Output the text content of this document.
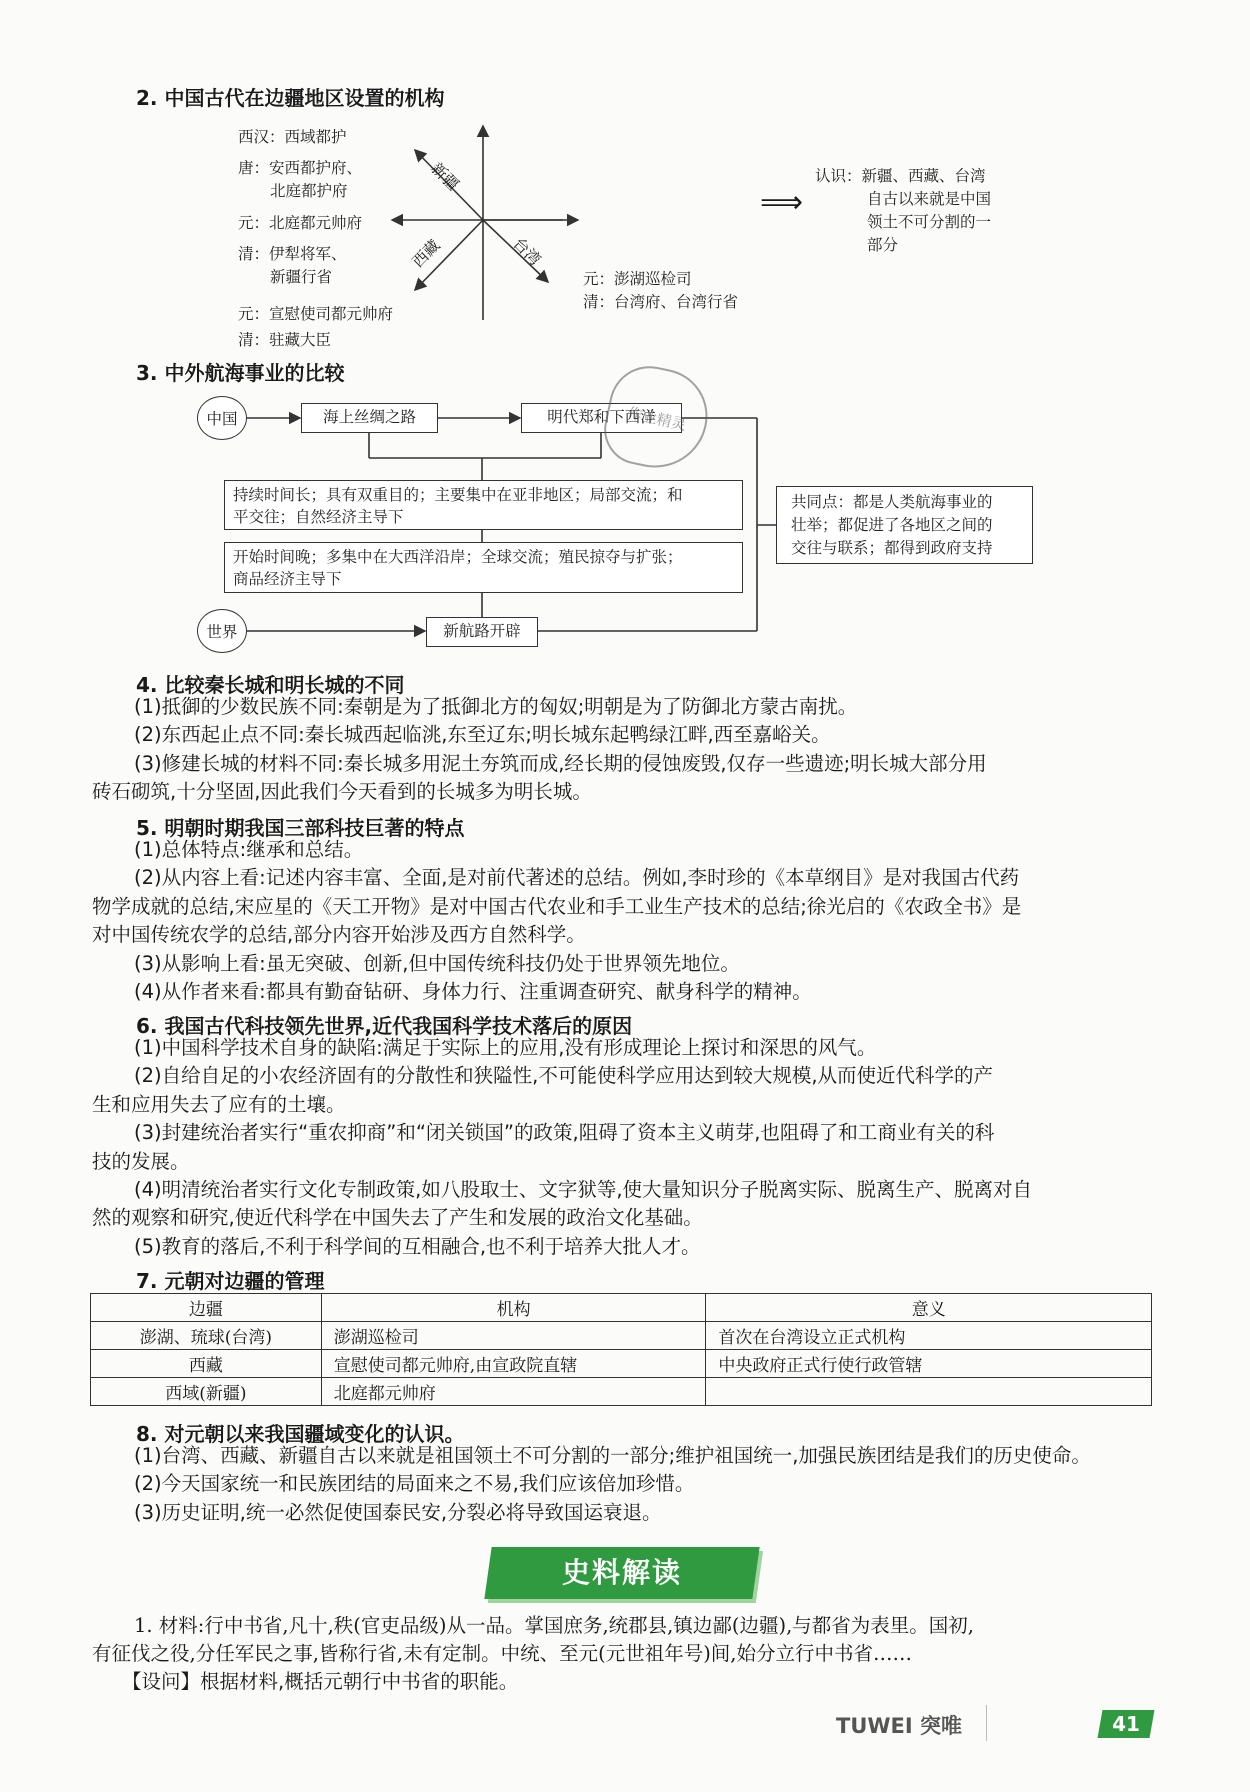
2. 中国古代在边疆地区设置的机构
新疆
西藏	台湾
西汉：西域都护
唐：安西都护府、
北庭都护府
元：北庭都元帅府
清：伊犁将军、
新疆行省
元：宣慰使司都元帅府
清：驻藏大臣
元：澎湖巡检司
清：台湾府、台湾行省
⟹
认识：新疆、西藏、台湾
自古以来就是中国
领土不可分割的一
部分
3. 中外航海事业的比较
中国
世界
海上丝绸之路	明代郑和下西洋
新航路开辟
持续时间长；具有双重目的；主要集中在亚非地区；局部交流；和
平交往；自然经济主导下
开始时间晚；多集中在大西洋沿岸；全球交流；殖民掠夺与扩张；
商品经济主导下
共同点：都是人类航海事业的
壮举；都促进了各地区之间的
交往与联系；都得到政府支持
作业精灵
4. 比较秦长城和明长城的不同
(1)抵御的少数民族不同:秦朝是为了抵御北方的匈奴;明朝是为了防御北方蒙古南扰。
(2)东西起止点不同:秦长城西起临洮,东至辽东;明长城东起鸭绿江畔,西至嘉峪关。
(3)修建长城的材料不同:秦长城多用泥土夯筑而成,经长期的侵蚀废毁,仅存一些遗迹;明长城大部分用
砖石砌筑,十分坚固,因此我们今天看到的长城多为明长城。
5. 明朝时期我国三部科技巨著的特点
(1)总体特点:继承和总结。
(2)从内容上看:记述内容丰富、全面,是对前代著述的总结。例如,李时珍的《本草纲目》是对我国古代药
物学成就的总结,宋应星的《天工开物》是对中国古代农业和手工业生产技术的总结;徐光启的《农政全书》是
对中国传统农学的总结,部分内容开始涉及西方自然科学。
(3)从影响上看:虽无突破、创新,但中国传统科技仍处于世界领先地位。
(4)从作者来看:都具有勤奋钻研、身体力行、注重调查研究、献身科学的精神。
6. 我国古代科技领先世界,近代我国科学技术落后的原因
(1)中国科学技术自身的缺陷:满足于实际上的应用,没有形成理论上探讨和深思的风气。
(2)自给自足的小农经济固有的分散性和狭隘性,不可能使科学应用达到较大规模,从而使近代科学的产
生和应用失去了应有的土壤。
(3)封建统治者实行“重农抑商”和“闭关锁国”的政策,阻碍了资本主义萌芽,也阻碍了和工商业有关的科
技的发展。
(4)明清统治者实行文化专制政策,如八股取士、文字狱等,使大量知识分子脱离实际、脱离生产、脱离对自
然的观察和研究,使近代科学在中国失去了产生和发展的政治文化基础。
(5)教育的落后,不利于科学间的互相融合,也不利于培养大批人才。
7. 元朝对边疆的管理
边疆	机构	意义
澎湖、琉球(台湾)	澎湖巡检司	首次在台湾设立正式机构
西藏	宣慰使司都元帅府,由宣政院直辖	中央政府正式行使行政管辖
西域(新疆)	北庭都元帅府	
8. 对元朝以来我国疆域变化的认识。
(1)台湾、西藏、新疆自古以来就是祖国领土不可分割的一部分;维护祖国统一,加强民族团结是我们的历史使命。
(2)今天国家统一和民族团结的局面来之不易,我们应该倍加珍惜。
(3)历史证明,统一必然促使国泰民安,分裂必将导致国运衰退。
史料解读
1. 材料:行中书省,凡十,秩(官吏品级)从一品。掌国庶务,统郡县,镇边鄙(边疆),与都省为表里。国初,
有征伐之役,分任军民之事,皆称行省,未有定制。中统、至元(元世祖年号)间,始分立行中书省……
【设问】根据材料,概括元朝行中书省的职能。
TUWEI 突唯	41
